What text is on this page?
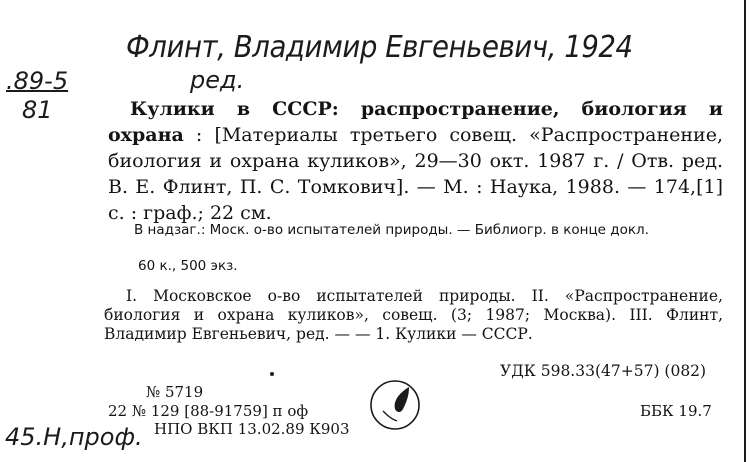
Флинт, Владимир Евгеньевич, 1924
ред.
.89-5
81	Кулики в СССР: распространение, биология и охрана : [Материалы третьего совещ. «Распространение, биология и охрана куликов», 29—30 окт. 1987 г. / Отв. ред. В. Е. Флинт, П. С. Томкович]. — М. : Наука, 1988. — 174,[1] с. : граф.; 22 см.
В надзаг.: Моск. о-во испытателей природы. — Библиогр. в конце докл.
60 к., 500 экз.
I. Московское о-во испытателей природы. II. «Распространение, биология и охрана куликов», совещ. (3; 1987; Москва). III. Флинт, Владимир Евгеньевич, ред. — — 1. Кулики — СССР.
УДК 598.33(47+57) (082)
№ 5719
22 № 129 [88-91759] п оф	ББК 19.7
НПО ВКП 13.02.89 К903
45.Н,проф.
